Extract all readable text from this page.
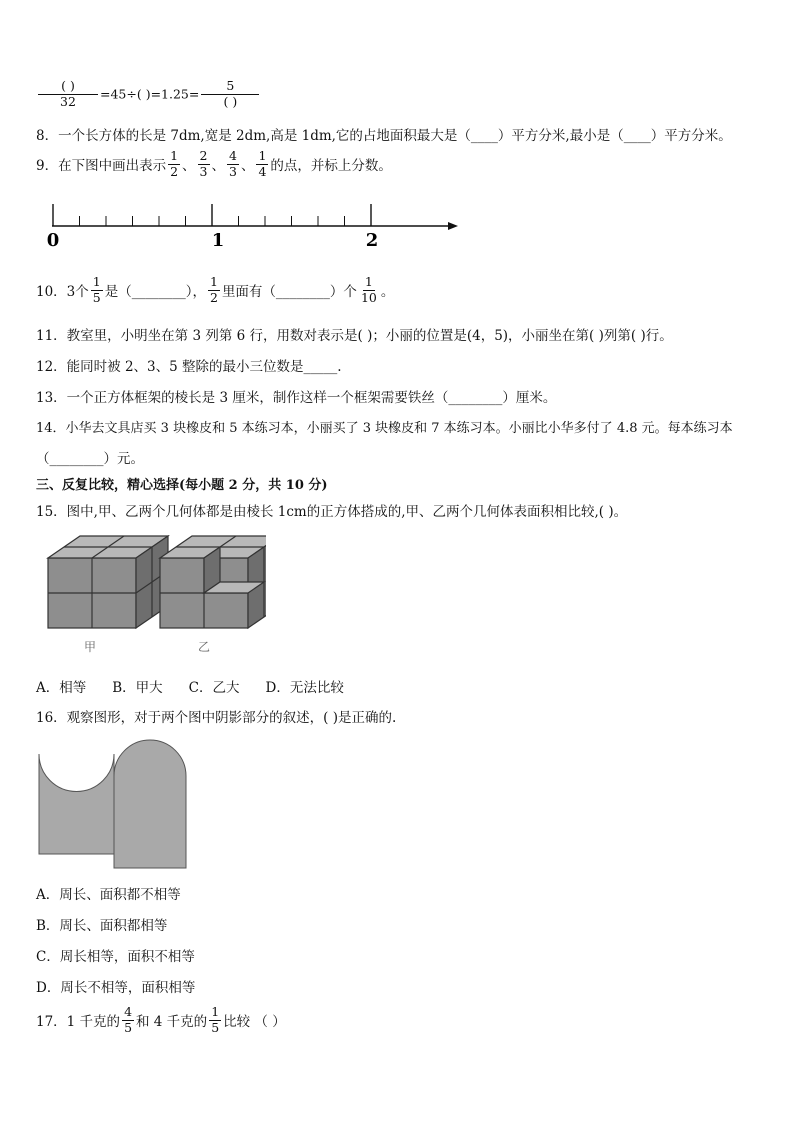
$\frac{( )}{32} =45\div$( )$=1.25= \frac{5}{( )}$
8．一个长方体的长是 7dm,宽是 2dm,高是 1dm,它的占地面积最大是（____）平方分米,最小是（____）平方分米。
9．在下图中画出表示 $\frac{1}{2}$ 、 $\frac{2}{3}$ 、 $\frac{4}{3}$ 、 $\frac{1}{4}$ 的点，并标上分数。
0	1	2
10．3个 $\frac{1}{5}$ 是（________）， $\frac{1}{2}$ 里面有（________）个 $\frac{1}{10}$ 。
11．教室里，小明坐在第 3 列第 6 行，用数对表示是( )；小丽的位置是(4，5)，小丽坐在第( )列第( )行。
12．能同时被 2、3、5 整除的最小三位数是_____.
13．一个正方体框架的棱长是 3 厘米，制作这样一个框架需要铁丝（________）厘米。
14．小华去文具店买 3 块橡皮和 5 本练习本，小丽买了 3 块橡皮和 7 本练习本。小丽比小华多付了 4.8 元。每本练习本
（________）元。
三、反复比较，精心选择(每小题 2 分，共 10 分)
15．图中,甲、乙两个几何体都是由棱长 1cm的正方体搭成的,甲、乙两个几何体表面积相比较,( )。
甲	乙
A．相等 B．甲大 C．乙大 D．无法比较
16．观察图形，对于两个图中阴影部分的叙述，( )是正确的.
A．周长、面积都不相等
B．周长、面积都相等
C．周长相等，面积不相等
D．周长不相等，面积相等
17．1 千克的 $\frac{4}{5}$ 和 4 千克的 $\frac{1}{5}$ 比较 （ ）
